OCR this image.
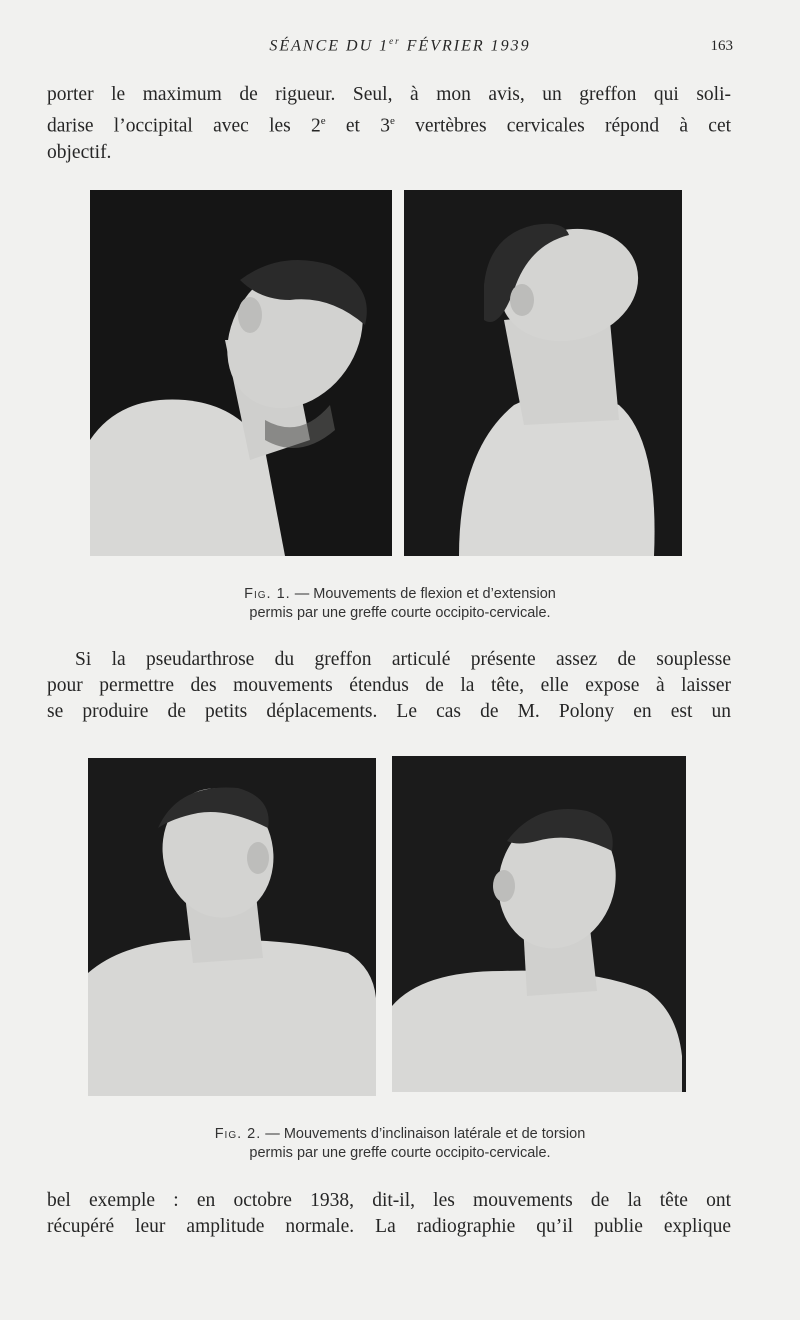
SÉANCE DU 1er FÉVRIER 1939	163

porter le maximum de rigueur. Seul, à mon avis, un greffon qui soli-
darise l’occipital avec les 2e et 3e vertèbres cervicales répond à cet
objectif.

Fig. 1. — Mouvements de flexion et d’extension
permis par une greffe courte occipito-cervicale.

Si la pseudarthrose du greffon articulé présente assez de souplesse
pour permettre des mouvements étendus de la tête, elle expose à laisser
se produire de petits déplacements. Le cas de M. Polony en est un

Fig. 2. — Mouvements d’inclinaison latérale et de torsion
permis par une greffe courte occipito-cervicale.

bel exemple : en octobre 1938, dit-il, les mouvements de la tête ont
récupéré leur amplitude normale. La radiographie qu’il publie explique
